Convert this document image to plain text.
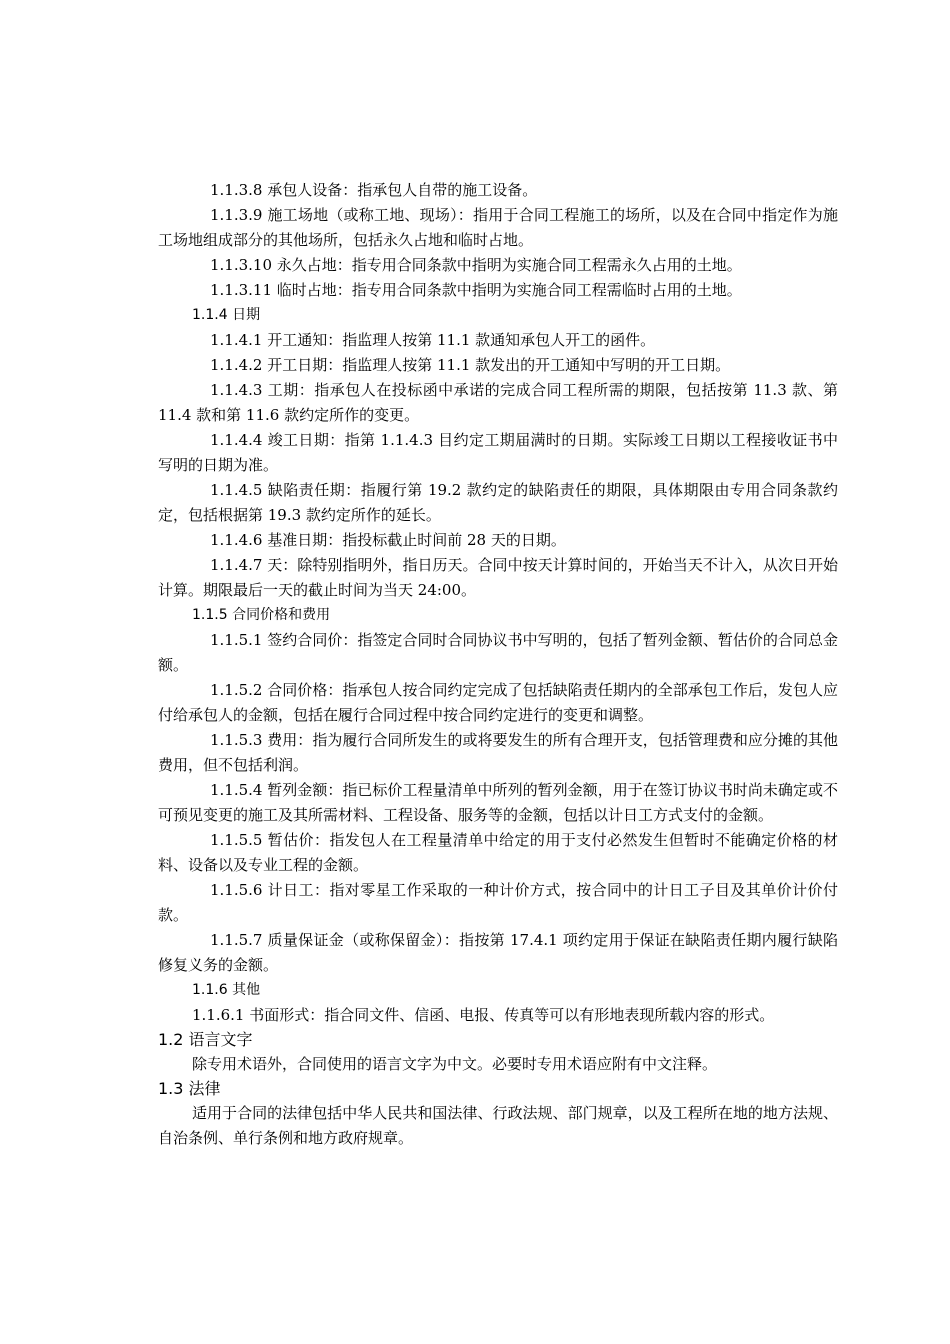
1.1.3.8 承包人设备：指承包人自带的施工设备。

1.1.3.9 施工场地（或称工地、现场）：指用于合同工程施工的场所，以及在合同中指定作为施工场地组成部分的其他场所，包括永久占地和临时占地。

1.1.3.10 永久占地：指专用合同条款中指明为实施合同工程需永久占用的土地。

1.1.3.11 临时占地：指专用合同条款中指明为实施合同工程需临时占用的土地。

1.1.4 日期

1.1.4.1 开工通知：指监理人按第 11.1 款通知承包人开工的函件。

1.1.4.2 开工日期：指监理人按第 11.1 款发出的开工通知中写明的开工日期。

1.1.4.3 工期：指承包人在投标函中承诺的完成合同工程所需的期限，包括按第 11.3 款、第 11.4 款和第 11.6 款约定所作的变更。

1.1.4.4 竣工日期：指第 1.1.4.3 目约定工期届满时的日期。实际竣工日期以工程接收证书中写明的日期为准。

1.1.4.5 缺陷责任期：指履行第 19.2 款约定的缺陷责任的期限，具体期限由专用合同条款约定，包括根据第 19.3 款约定所作的延长。

1.1.4.6 基准日期：指投标截止时间前 28 天的日期。

1.1.4.7 天：除特别指明外，指日历天。合同中按天计算时间的，开始当天不计入，从次日开始计算。期限最后一天的截止时间为当天 24:00。

1.1.5 合同价格和费用

1.1.5.1 签约合同价：指签定合同时合同协议书中写明的，包括了暂列金额、暂估价的合同总金额。

1.1.5.2 合同价格：指承包人按合同约定完成了包括缺陷责任期内的全部承包工作后，发包人应付给承包人的金额，包括在履行合同过程中按合同约定进行的变更和调整。

1.1.5.3 费用：指为履行合同所发生的或将要发生的所有合理开支，包括管理费和应分摊的其他费用，但不包括利润。

1.1.5.4 暂列金额：指已标价工程量清单中所列的暂列金额，用于在签订协议书时尚未确定或不可预见变更的施工及其所需材料、工程设备、服务等的金额，包括以计日工方式支付的金额。

1.1.5.5 暂估价：指发包人在工程量清单中给定的用于支付必然发生但暂时不能确定价格的材料、设备以及专业工程的金额。

1.1.5.6 计日工：指对零星工作采取的一种计价方式，按合同中的计日工子目及其单价计价付款。

1.1.5.7 质量保证金（或称保留金）：指按第 17.4.1 项约定用于保证在缺陷责任期内履行缺陷修复义务的金额。

1.1.6 其他

1.1.6.1 书面形式：指合同文件、信函、电报、传真等可以有形地表现所载内容的形式。

1.2 语言文字

除专用术语外，合同使用的语言文字为中文。必要时专用术语应附有中文注释。

1.3 法律

适用于合同的法律包括中华人民共和国法律、行政法规、部门规章，以及工程所在地的地方法规、自治条例、单行条例和地方政府规章。
